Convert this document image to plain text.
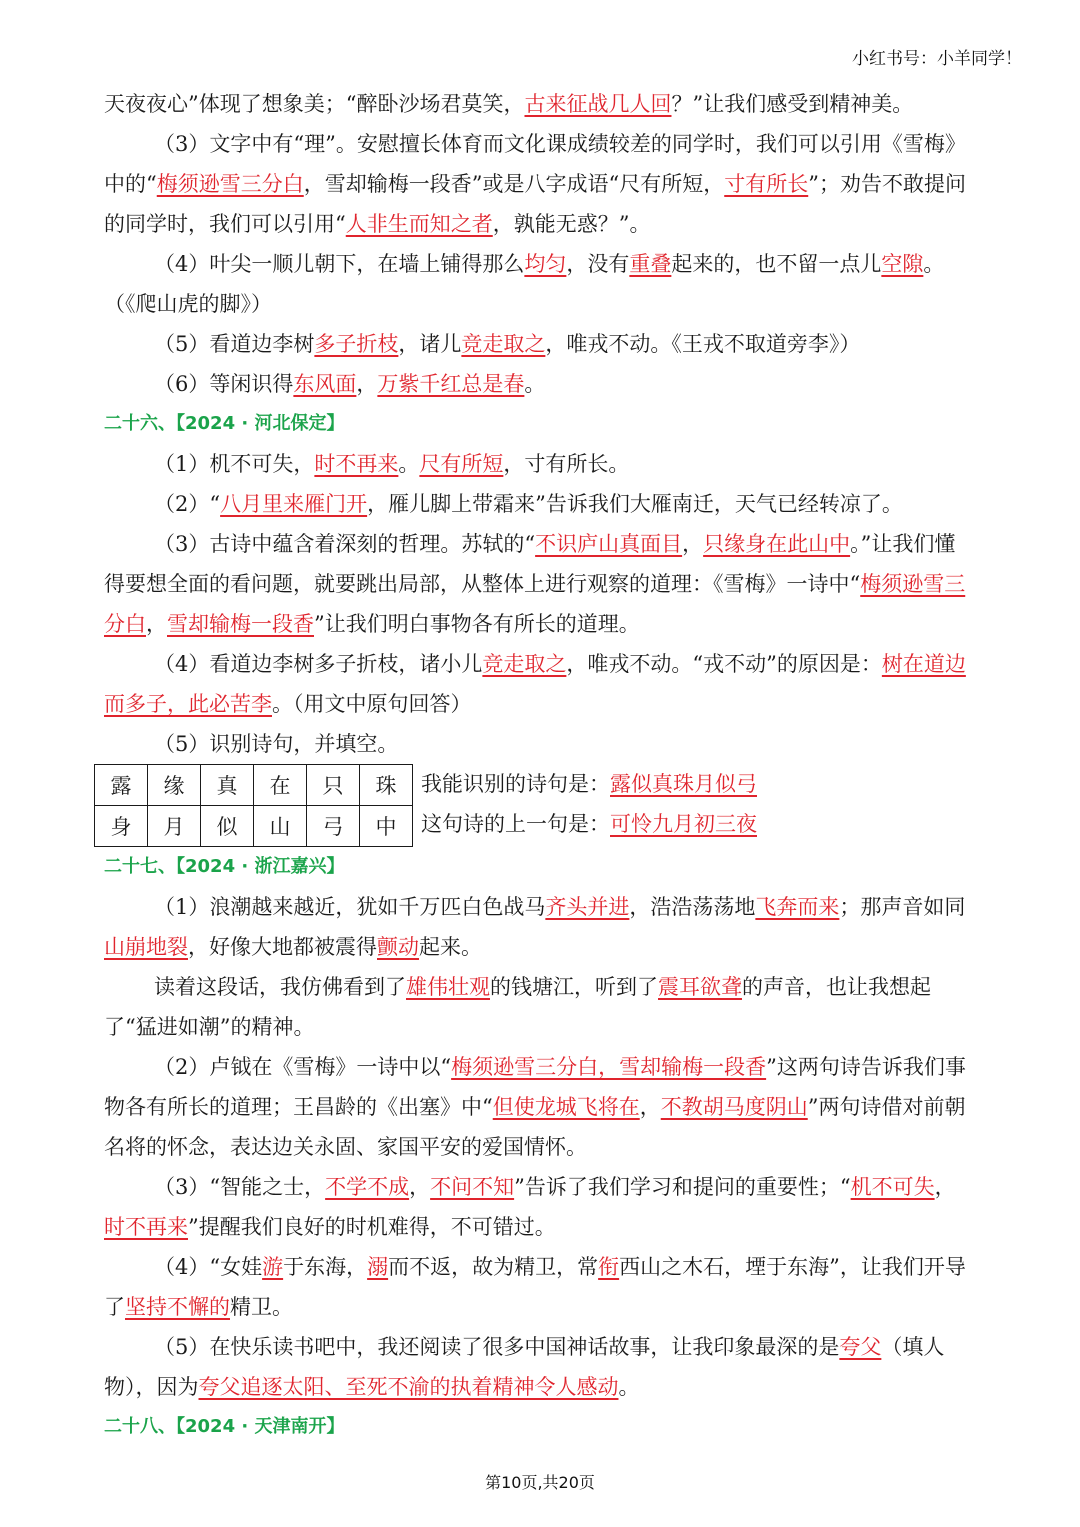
小红书号：小羊同学！

天夜夜心”体现了想象美；“醉卧沙场君莫笑，古来征战几人回？”让我们感受到精神美。

（3）文字中有“理”。安慰擅长体育而文化课成绩较差的同学时，我们可以引用《雪梅》中的“梅须逊雪三分白，雪却输梅一段香”或是八字成语“尺有所短，寸有所长”；劝告不敢提问的同学时，我们可以引用“人非生而知之者，孰能无惑？”。

（4）叶尖一顺儿朝下，在墙上铺得那么均匀，没有重叠起来的，也不留一点儿空隙。（《爬山虎的脚》）

（5）看道边李树多子折枝，诸儿竞走取之，唯戎不动。《王戎不取道旁李》）

（6）等闲识得东风面，万紫千红总是春。

二十六、【2024 · 河北保定】

（1）机不可失，时不再来。尺有所短，寸有所长。

（2）“八月里来雁门开，雁儿脚上带霜来”告诉我们大雁南迁，天气已经转凉了。

（3）古诗中蕴含着深刻的哲理。苏轼的“不识庐山真面目，只缘身在此山中。”让我们懂得要想全面的看问题，就要跳出局部，从整体上进行观察的道理：《雪梅》一诗中“梅须逊雪三分白，雪却输梅一段香”让我们明白事物各有所长的道理。

（4）看道边李树多子折枝，诸小儿竞走取之，唯戎不动。“戎不动”的原因是：树在道边而多子，此必苦李。（用文中原句回答）

（5）识别诗句，并填空。

露	缘	真	在	只	珠
身	月	似	山	弓	中

我能识别的诗句是：露似真珠月似弓

这句诗的上一句是：可怜九月初三夜

二十七、【2024 · 浙江嘉兴】

（1）浪潮越来越近，犹如千万匹白色战马齐头并进，浩浩荡荡地飞奔而来；那声音如同山崩地裂，好像大地都被震得颤动起来。

读着这段话，我仿佛看到了雄伟壮观的钱塘江，听到了震耳欲聋的声音，也让我想起了“猛进如潮”的精神。

（2）卢钺在《雪梅》一诗中以“梅须逊雪三分白，雪却输梅一段香”这两句诗告诉我们事物各有所长的道理；王昌龄的《出塞》中“但使龙城飞将在，不教胡马度阴山”两句诗借对前朝名将的怀念，表达边关永固、家国平安的爱国情怀。

（3）“智能之士，不学不成，不问不知”告诉了我们学习和提问的重要性；“机不可失，时不再来”提醒我们良好的时机难得，不可错过。

（4）“女娃游于东海，溺而不返，故为精卫，常衔西山之木石，堙于东海”，让我们开导了坚持不懈的精卫。

（5）在快乐读书吧中，我还阅读了很多中国神话故事，让我印象最深的是夸父（填人物），因为夸父追逐太阳、至死不渝的执着精神令人感动。

二十八、【2024 · 天津南开】

第10页,共20页
